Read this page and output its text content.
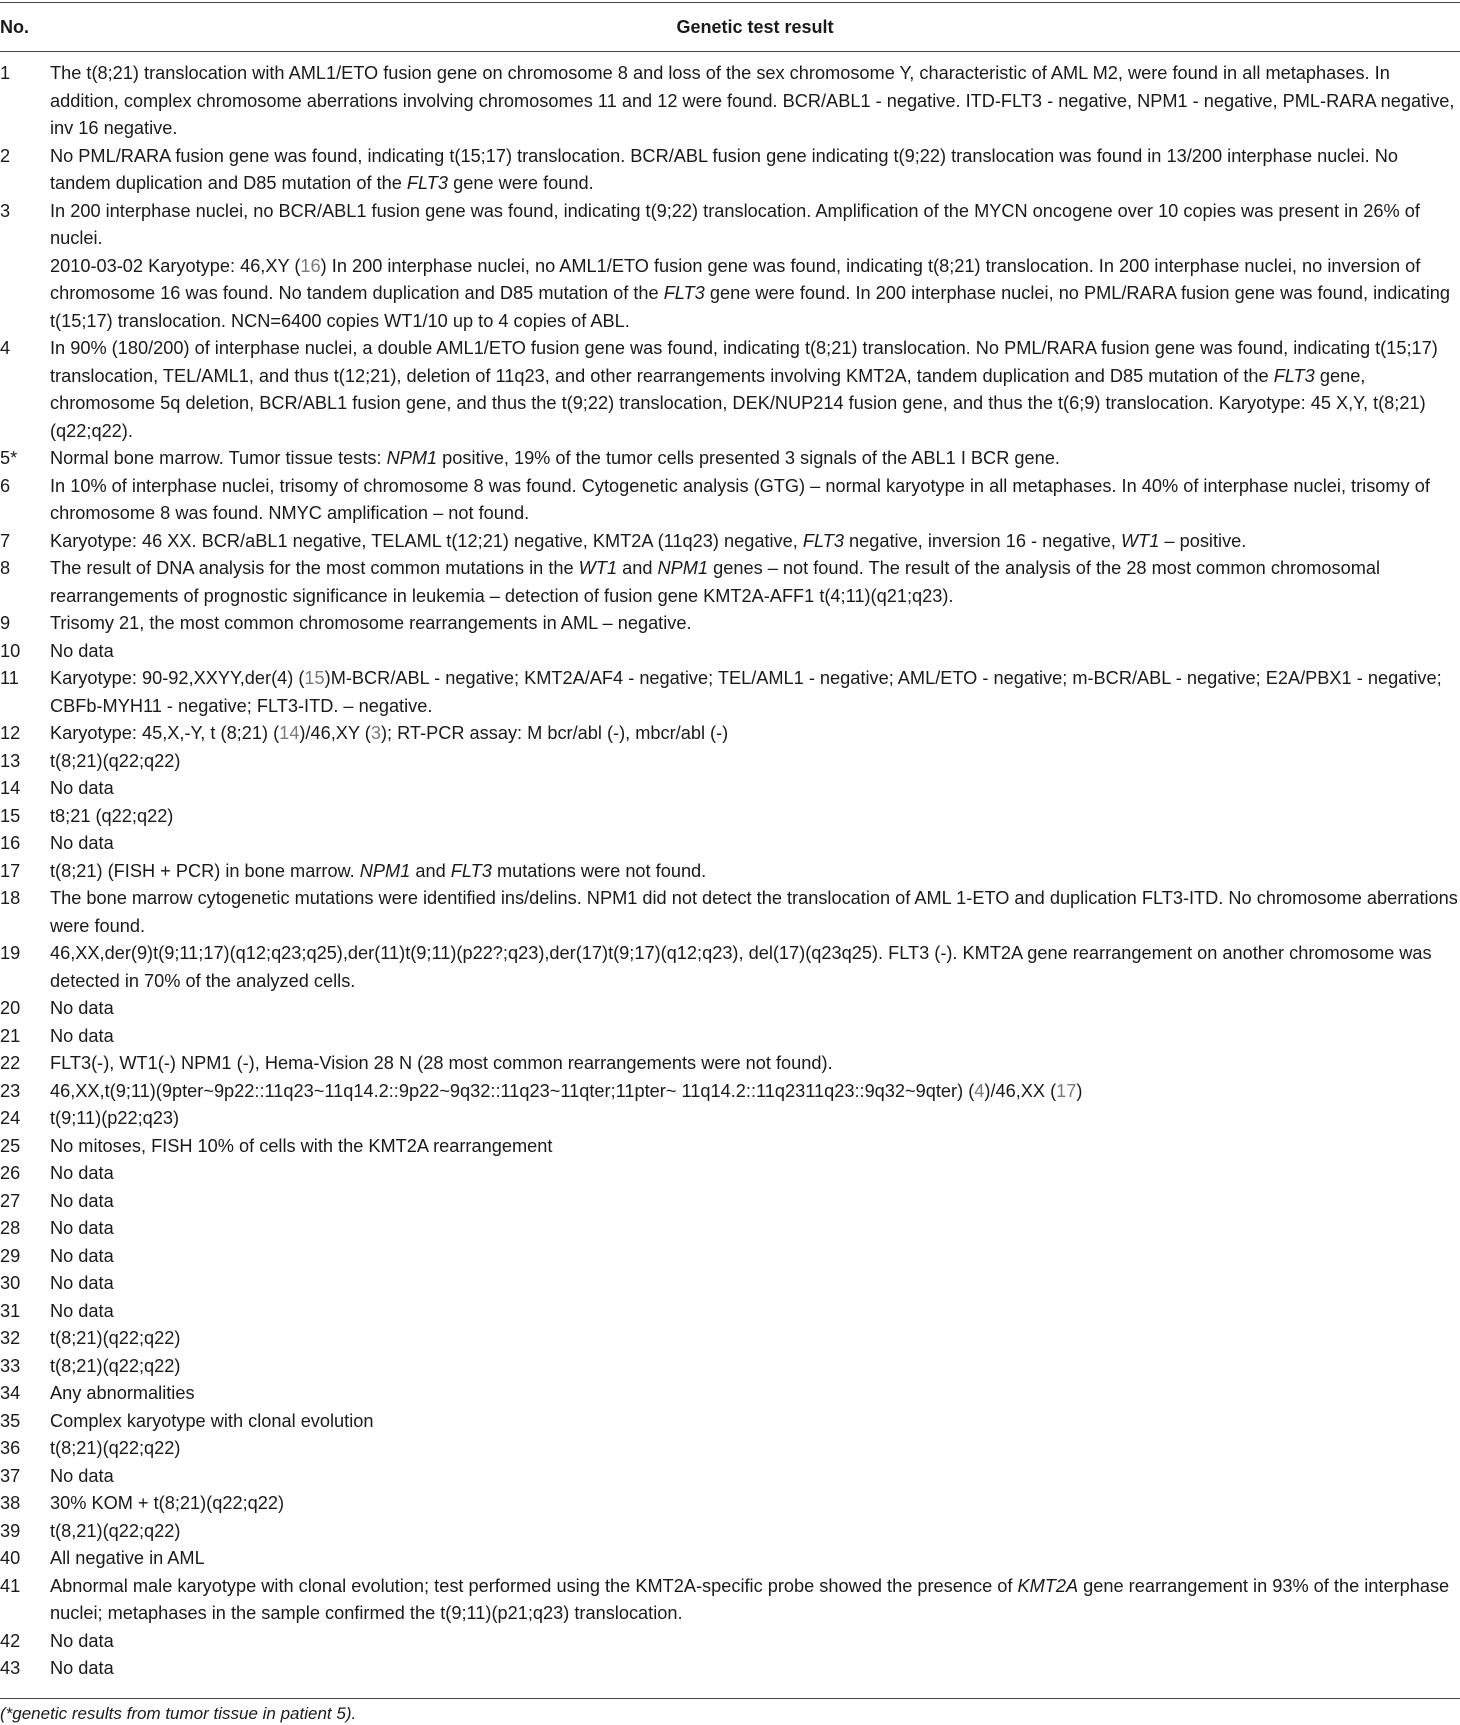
No.	Genetic test result
1	The t(8;21) translocation with AML1/ETO fusion gene on chromosome 8 and loss of the sex chromosome Y, characteristic of AML M2, were found in all metaphases. In addition, complex chromosome aberrations involving chromosomes 11 and 12 were found. BCR/ABL1 - negative. ITD-FLT3 - negative, NPM1 - negative, PML-RARA negative, inv 16 negative.
2	No PML/RARA fusion gene was found, indicating t(15;17) translocation. BCR/ABL fusion gene indicating t(9;22) translocation was found in 13/200 interphase nuclei. No tandem duplication and D85 mutation of the FLT3 gene were found.
3	In 200 interphase nuclei, no BCR/ABL1 fusion gene was found, indicating t(9;22) translocation. Amplification of the MYCN oncogene over 10 copies was present in 26% of nuclei.
	2010-03-02 Karyotype: 46,XY (16) In 200 interphase nuclei, no AML1/ETO fusion gene was found, indicating t(8;21) translocation. In 200 interphase nuclei, no inversion of chromosome 16 was found. No tandem duplication and D85 mutation of the FLT3 gene were found. In 200 interphase nuclei, no PML/RARA fusion gene was found, indicating t(15;17) translocation. NCN=6400 copies WT1/10 up to 4 copies of ABL.
4	In 90% (180/200) of interphase nuclei, a double AML1/ETO fusion gene was found, indicating t(8;21) translocation. No PML/RARA fusion gene was found, indicating t(15;17) translocation, TEL/AML1, and thus t(12;21), deletion of 11q23, and other rearrangements involving KMT2A, tandem duplication and D85 mutation of the FLT3 gene, chromosome 5q deletion, BCR/ABL1 fusion gene, and thus the t(9;22) translocation, DEK/NUP214 fusion gene, and thus the t(6;9) translocation. Karyotype: 45 X,Y, t(8;21)(q22;q22).
5*	Normal bone marrow. Tumor tissue tests: NPM1 positive, 19% of the tumor cells presented 3 signals of the ABL1 I BCR gene.
6	In 10% of interphase nuclei, trisomy of chromosome 8 was found. Cytogenetic analysis (GTG) – normal karyotype in all metaphases. In 40% of interphase nuclei, trisomy of chromosome 8 was found. NMYC amplification – not found.
7	Karyotype: 46 XX. BCR/aBL1 negative, TELAML t(12;21) negative, KMT2A (11q23) negative, FLT3 negative, inversion 16 - negative, WT1 – positive.
8	The result of DNA analysis for the most common mutations in the WT1 and NPM1 genes – not found. The result of the analysis of the 28 most common chromosomal rearrangements of prognostic significance in leukemia – detection of fusion gene KMT2A-AFF1 t(4;11)(q21;q23).
9	Trisomy 21, the most common chromosome rearrangements in AML – negative.
10	No data
11	Karyotype: 90-92,XXYY,der(4) (15)M-BCR/ABL - negative; KMT2A/AF4 - negative; TEL/AML1 - negative; AML/ETO - negative; m-BCR/ABL - negative; E2A/PBX1 - negative; CBFb-MYH11 - negative; FLT3-ITD. – negative.
12	Karyotype: 45,X,-Y, t (8;21) (14)/46,XY (3); RT-PCR assay: M bcr/abl (-), mbcr/abl (-)
13	t(8;21)(q22;q22)
14	No data
15	t8;21 (q22;q22)
16	No data
17	t(8;21) (FISH + PCR) in bone marrow. NPM1 and FLT3 mutations were not found.
18	The bone marrow cytogenetic mutations were identified ins/delins. NPM1 did not detect the translocation of AML 1-ETO and duplication FLT3-ITD. No chromosome aberrations were found.
19	46,XX,der(9)t(9;11;17)(q12;q23;q25),der(11)t(9;11)(p22?;q23),der(17)t(9;17)(q12;q23), del(17)(q23q25). FLT3 (-). KMT2A gene rearrangement on another chromosome was detected in 70% of the analyzed cells.
20	No data
21	No data
22	FLT3(-), WT1(-) NPM1 (-), Hema-Vision 28 N (28 most common rearrangements were not found).
23	46,XX,t(9;11)(9pter~9p22::11q23~11q14.2::9p22~9q32::11q23~11qter;11pter~ 11q14.2::11q2311q23::9q32~9qter) (4)/46,XX (17)
24	t(9;11)(p22;q23)
25	No mitoses, FISH 10% of cells with the KMT2A rearrangement
26	No data
27	No data
28	No data
29	No data
30	No data
31	No data
32	t(8;21)(q22;q22)
33	t(8;21)(q22;q22)
34	Any abnormalities
35	Complex karyotype with clonal evolution
36	t(8;21)(q22;q22)
37	No data
38	30% KOM + t(8;21)(q22;q22)
39	t(8,21)(q22;q22)
40	All negative in AML
41	Abnormal male karyotype with clonal evolution; test performed using the KMT2A-specific probe showed the presence of KMT2A gene rearrangement in 93% of the interphase nuclei; metaphases in the sample confirmed the t(9;11)(p21;q23) translocation.
42	No data
43	No data
(*genetic results from tumor tissue in patient 5).
